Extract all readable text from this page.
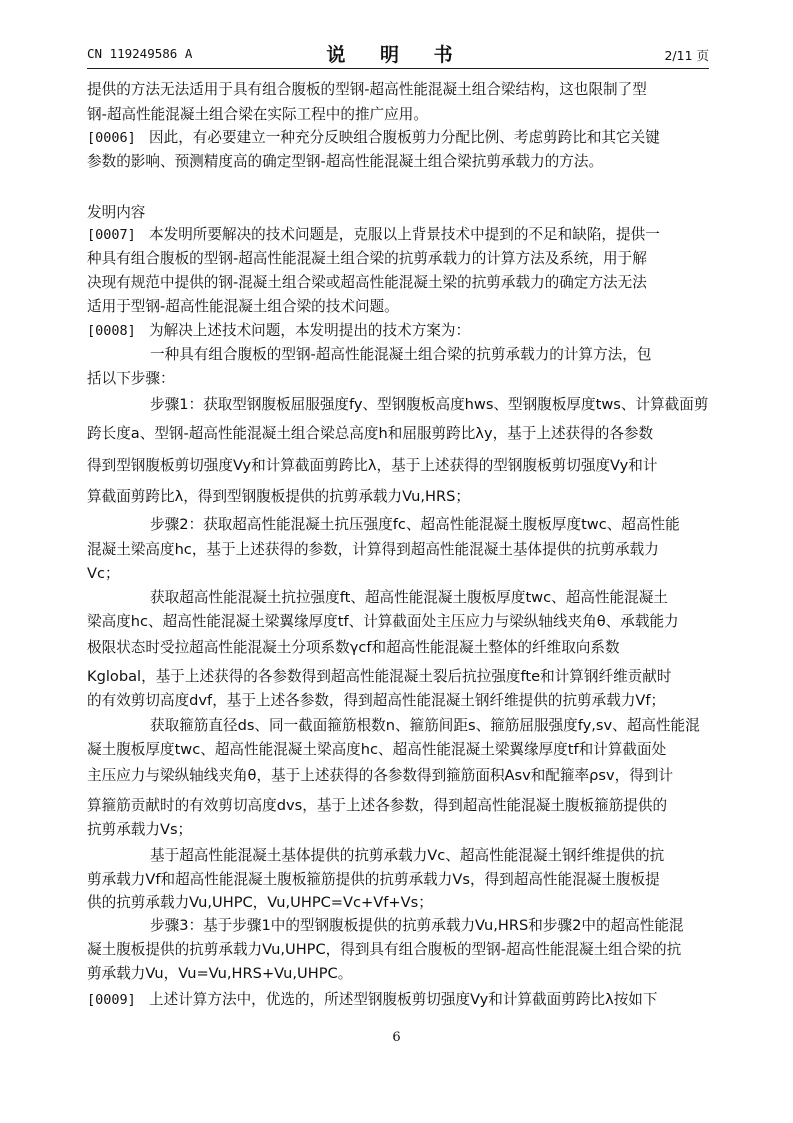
CN 119249586 A	说 明 书	2/11 页
提供的方法无法适用于具有组合腹板的型钢-超高性能混凝土组合梁结构，这也限制了型
钢-超高性能混凝土组合梁在实际工程中的推广应用。
[0006] 因此，有必要建立一种充分反映组合腹板剪力分配比例、考虑剪跨比和其它关键
参数的影响、预测精度高的确定型钢-超高性能混凝土组合梁抗剪承载力的方法。
发明内容
[0007] 本发明所要解决的技术问题是，克服以上背景技术中提到的不足和缺陷，提供一
种具有组合腹板的型钢-超高性能混凝土组合梁的抗剪承载力的计算方法及系统，用于解
决现有规范中提供的钢-混凝土组合梁或超高性能混凝土梁的抗剪承载力的确定方法无法
适用于型钢-超高性能混凝土组合梁的技术问题。
[0008] 为解决上述技术问题，本发明提出的技术方案为：
一种具有组合腹板的型钢-超高性能混凝土组合梁的抗剪承载力的计算方法，包
括以下步骤：
步骤1：获取型钢腹板屈服强度fy、型钢腹板高度hws、型钢腹板厚度tws、计算截面剪
跨长度a、型钢-超高性能混凝土组合梁总高度h和屈服剪跨比λy，基于上述获得的各参数
得到型钢腹板剪切强度Vy和计算截面剪跨比λ，基于上述获得的型钢腹板剪切强度Vy和计
算截面剪跨比λ，得到型钢腹板提供的抗剪承载力Vu,HRS；
步骤2：获取超高性能混凝土抗压强度fc、超高性能混凝土腹板厚度twc、超高性能
混凝土梁高度hc，基于上述获得的参数，计算得到超高性能混凝土基体提供的抗剪承载力
Vc；
获取超高性能混凝土抗拉强度ft、超高性能混凝土腹板厚度twc、超高性能混凝土
梁高度hc、超高性能混凝土梁翼缘厚度tf、计算截面处主压应力与梁纵轴线夹角θ、承载能力
极限状态时受拉超高性能混凝土分项系数γcf和超高性能混凝土整体的纤维取向系数
Kglobal，基于上述获得的各参数得到超高性能混凝土裂后抗拉强度fte和计算钢纤维贡献时
的有效剪切高度dvf，基于上述各参数，得到超高性能混凝土钢纤维提供的抗剪承载力Vf；
获取箍筋直径ds、同一截面箍筋根数n、箍筋间距s、箍筋屈服强度fy,sv、超高性能混
凝土腹板厚度twc、超高性能混凝土梁高度hc、超高性能混凝土梁翼缘厚度tf和计算截面处
主压应力与梁纵轴线夹角θ，基于上述获得的各参数得到箍筋面积Asv和配箍率ρsv，得到计
算箍筋贡献时的有效剪切高度dvs，基于上述各参数，得到超高性能混凝土腹板箍筋提供的
抗剪承载力Vs；
基于超高性能混凝土基体提供的抗剪承载力Vc、超高性能混凝土钢纤维提供的抗
剪承载力Vf和超高性能混凝土腹板箍筋提供的抗剪承载力Vs，得到超高性能混凝土腹板提
供的抗剪承载力Vu,UHPC，Vu,UHPC=Vc+Vf+Vs；
步骤3：基于步骤1中的型钢腹板提供的抗剪承载力Vu,HRS和步骤2中的超高性能混
凝土腹板提供的抗剪承载力Vu,UHPC，得到具有组合腹板的型钢-超高性能混凝土组合梁的抗
剪承载力Vu，Vu=Vu,HRS+Vu,UHPC。
[0009] 上述计算方法中，优选的，所述型钢腹板剪切强度Vy和计算截面剪跨比λ按如下
6
